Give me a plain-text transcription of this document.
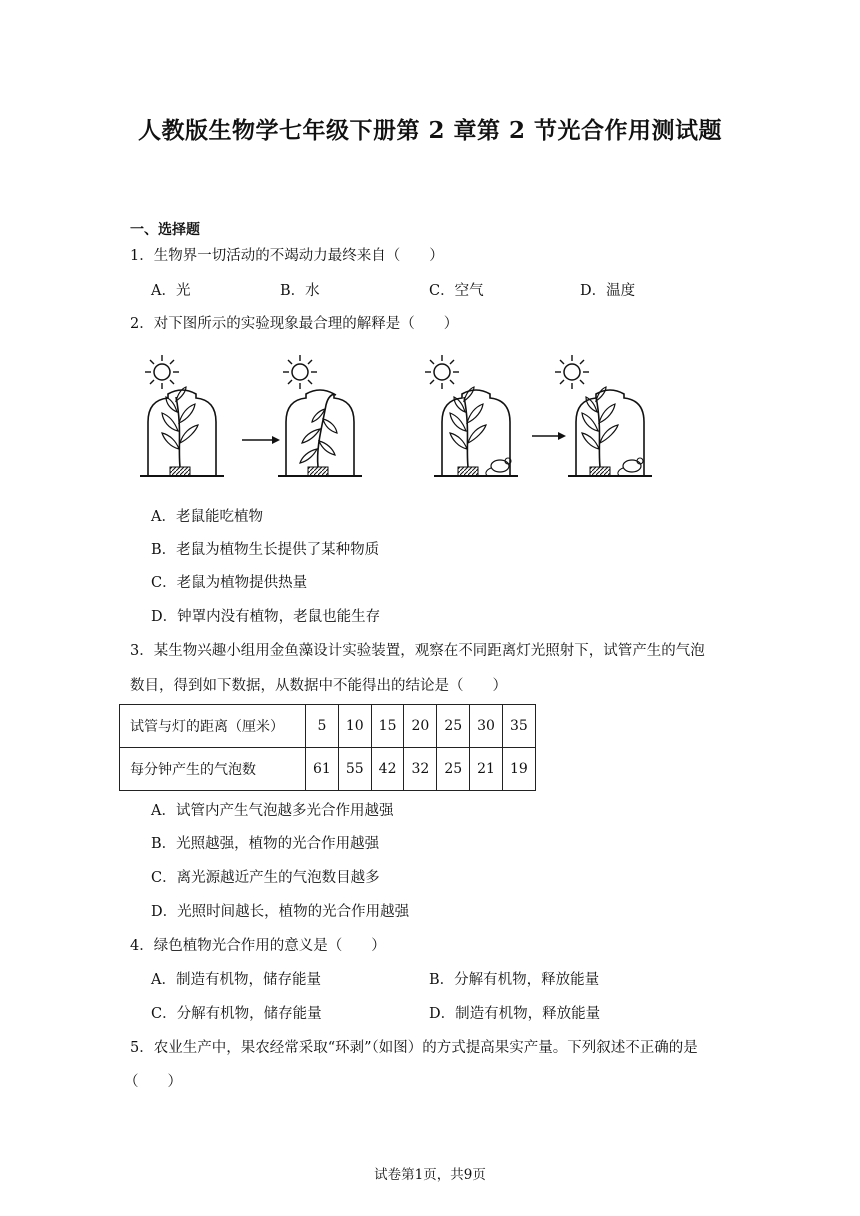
人教版生物学七年级下册第 2 章第 2 节光合作用测试题
一、选择题
1．生物界一切活动的不竭动力最终来自（　　）
A．光	B．水	C．空气	D．温度
2．对下图所示的实验现象最合理的解释是（　　）
A．老鼠能吃植物
B．老鼠为植物生长提供了某种物质
C．老鼠为植物提供热量
D．钟罩内没有植物，老鼠也能生存
3．某生物兴趣小组用金鱼藻设计实验装置，观察在不同距离灯光照射下，试管产生的气泡
数目，得到如下数据，从数据中不能得出的结论是（　　）
试管与灯的距离（厘米）	5	10	15	20	25	30	35
每分钟产生的气泡数	61	55	42	32	25	21	19
A．试管内产生气泡越多光合作用越强
B．光照越强，植物的光合作用越强
C．离光源越近产生的气泡数目越多
D．光照时间越长，植物的光合作用越强
4．绿色植物光合作用的意义是（　　）
A．制造有机物，储存能量	B．分解有机物，释放能量
C．分解有机物，储存能量	D．制造有机物，释放能量
5．农业生产中，果农经常采取“环剥”（如图）的方式提高果实产量。下列叙述不正确的是
（　　）
试卷第1页，共9页
